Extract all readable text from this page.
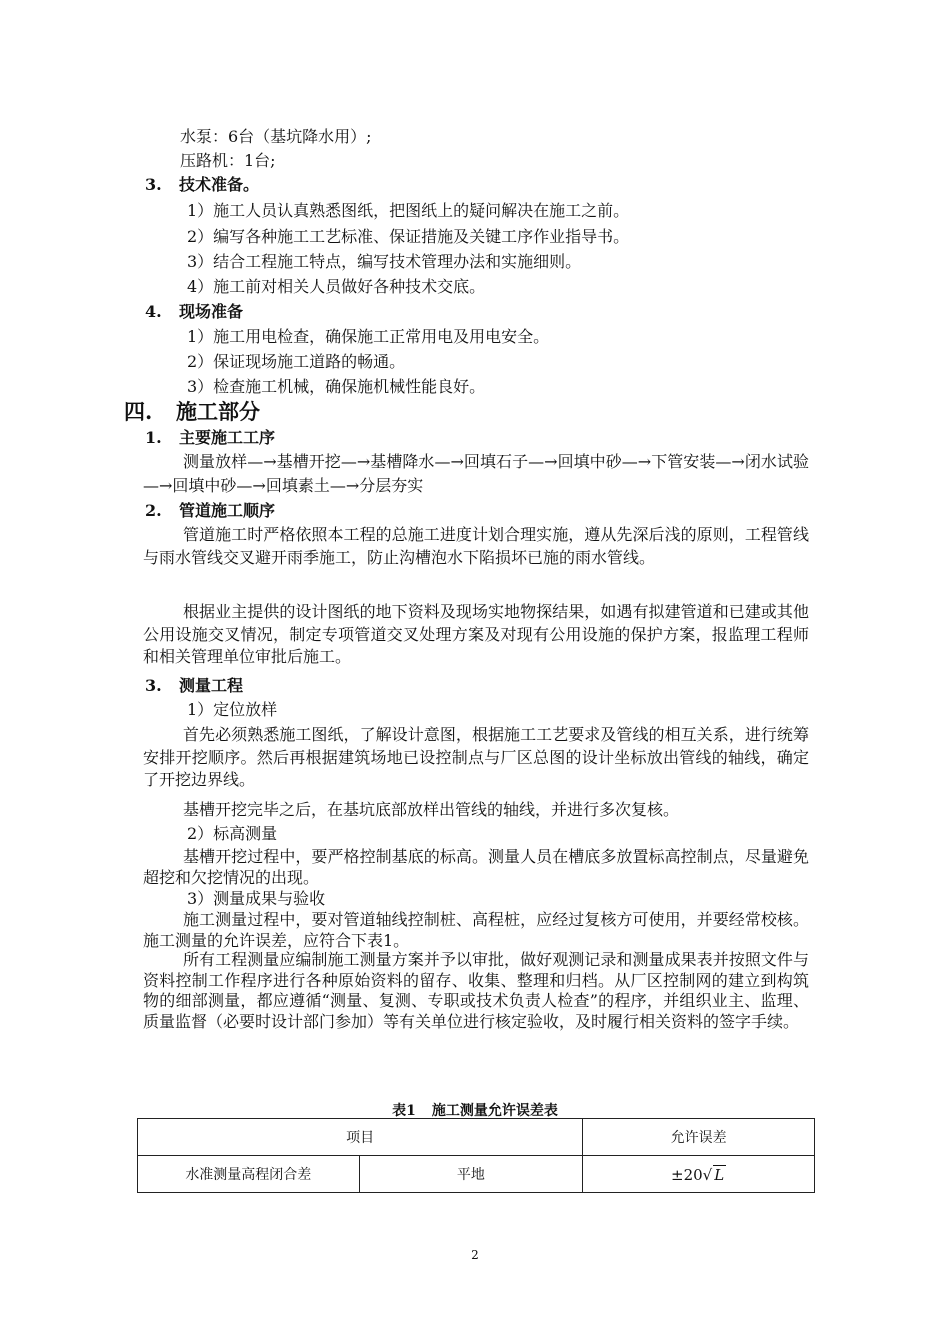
水泵：6台（基坑降水用）;
压路机：1台;
3. 技术准备。
1）施工人员认真熟悉图纸，把图纸上的疑问解决在施工之前。
2）编写各种施工工艺标准、保证措施及关键工序作业指导书。
3）结合工程施工特点，编写技术管理办法和实施细则。
4）施工前对相关人员做好各种技术交底。
4. 现场准备
1）施工用电检查，确保施工正常用电及用电安全。
2）保证现场施工道路的畅通。
3）检查施工机械，确保施机械性能良好。
四. 施工部分
1. 主要施工工序
测量放样—→基槽开挖—→基槽降水—→回填石子—→回填中砂—→下管安装—→闭水试验—→回填中砂—→回填素土—→分层夯实
2. 管道施工顺序
管道施工时严格依照本工程的总施工进度计划合理实施，遵从先深后浅的原则，工程管线与雨水管线交叉避开雨季施工，防止沟槽泡水下陷损坏已施的雨水管线。
根据业主提供的设计图纸的地下资料及现场实地物探结果，如遇有拟建管道和已建或其他公用设施交叉情况，制定专项管道交叉处理方案及对现有公用设施的保护方案，报监理工程师和相关管理单位审批后施工。
3. 测量工程
1）定位放样
首先必须熟悉施工图纸，了解设计意图，根据施工工艺要求及管线的相互关系，进行统筹安排开挖顺序。然后再根据建筑场地已设控制点与厂区总图的设计坐标放出管线的轴线，确定了开挖边界线。
基槽开挖完毕之后，在基坑底部放样出管线的轴线，并进行多次复核。
2）标高测量
基槽开挖过程中，要严格控制基底的标高。测量人员在槽底多放置标高控制点，尽量避免超挖和欠挖情况的出现。
3）测量成果与验收
施工测量过程中，要对管道轴线控制桩、高程桩，应经过复核方可使用，并要经常校核。施工测量的允许误差，应符合下表1。
所有工程测量应编制施工测量方案并予以审批，做好观测记录和测量成果表并按照文件与资料控制工作程序进行各种原始资料的留存、收集、整理和归档。从厂区控制网的建立到构筑物的细部测量，都应遵循“测量、复测、专职或技术负责人检查”的程序，并组织业主、监理、质量监督（必要时设计部门参加）等有关单位进行核定验收，及时履行相关资料的签字手续。
表1 施工测量允许误差表
项目		允许误差
水准测量高程闭合差	平地	±20√ L
2
